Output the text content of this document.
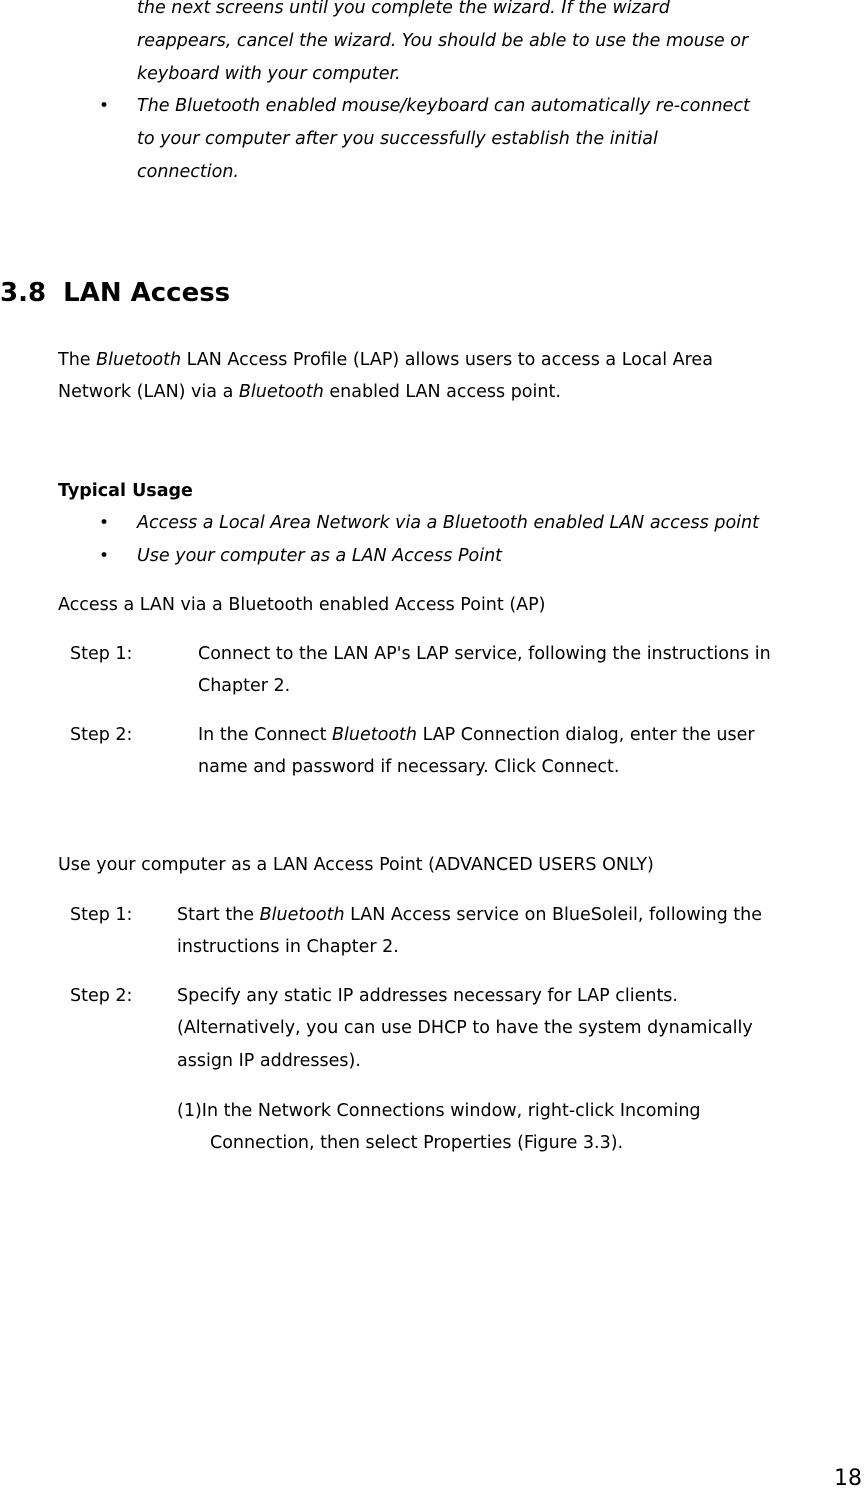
the next screens until you complete the wizard. If the wizard
reappears, cancel the wizard. You should be able to use the mouse or
keyboard with your computer.
• The Bluetooth enabled mouse/keyboard can automatically re-connect
to your computer after you successfully establish the initial
connection.
3.8 LAN Access
The Bluetooth LAN Access Profile (LAP) allows users to access a Local Area
Network (LAN) via a Bluetooth enabled LAN access point.
Typical Usage
• Access a Local Area Network via a Bluetooth enabled LAN access point
• Use your computer as a LAN Access Point
Access a LAN via a Bluetooth enabled Access Point (AP)
Step 1:	Connect to the LAN AP's LAP service, following the instructions in
Chapter 2.
Step 2:	In the Connect Bluetooth LAP Connection dialog, enter the user
name and password if necessary. Click Connect.
Use your computer as a LAN Access Point (ADVANCED USERS ONLY)
Step 1:	Start the Bluetooth LAN Access service on BlueSoleil, following the
instructions in Chapter 2.
Step 2:	Specify any static IP addresses necessary for LAP clients.
(Alternatively, you can use DHCP to have the system dynamically
assign IP addresses).
(1)In the Network Connections window, right-click Incoming
Connection, then select Properties (Figure 3.3).
18
